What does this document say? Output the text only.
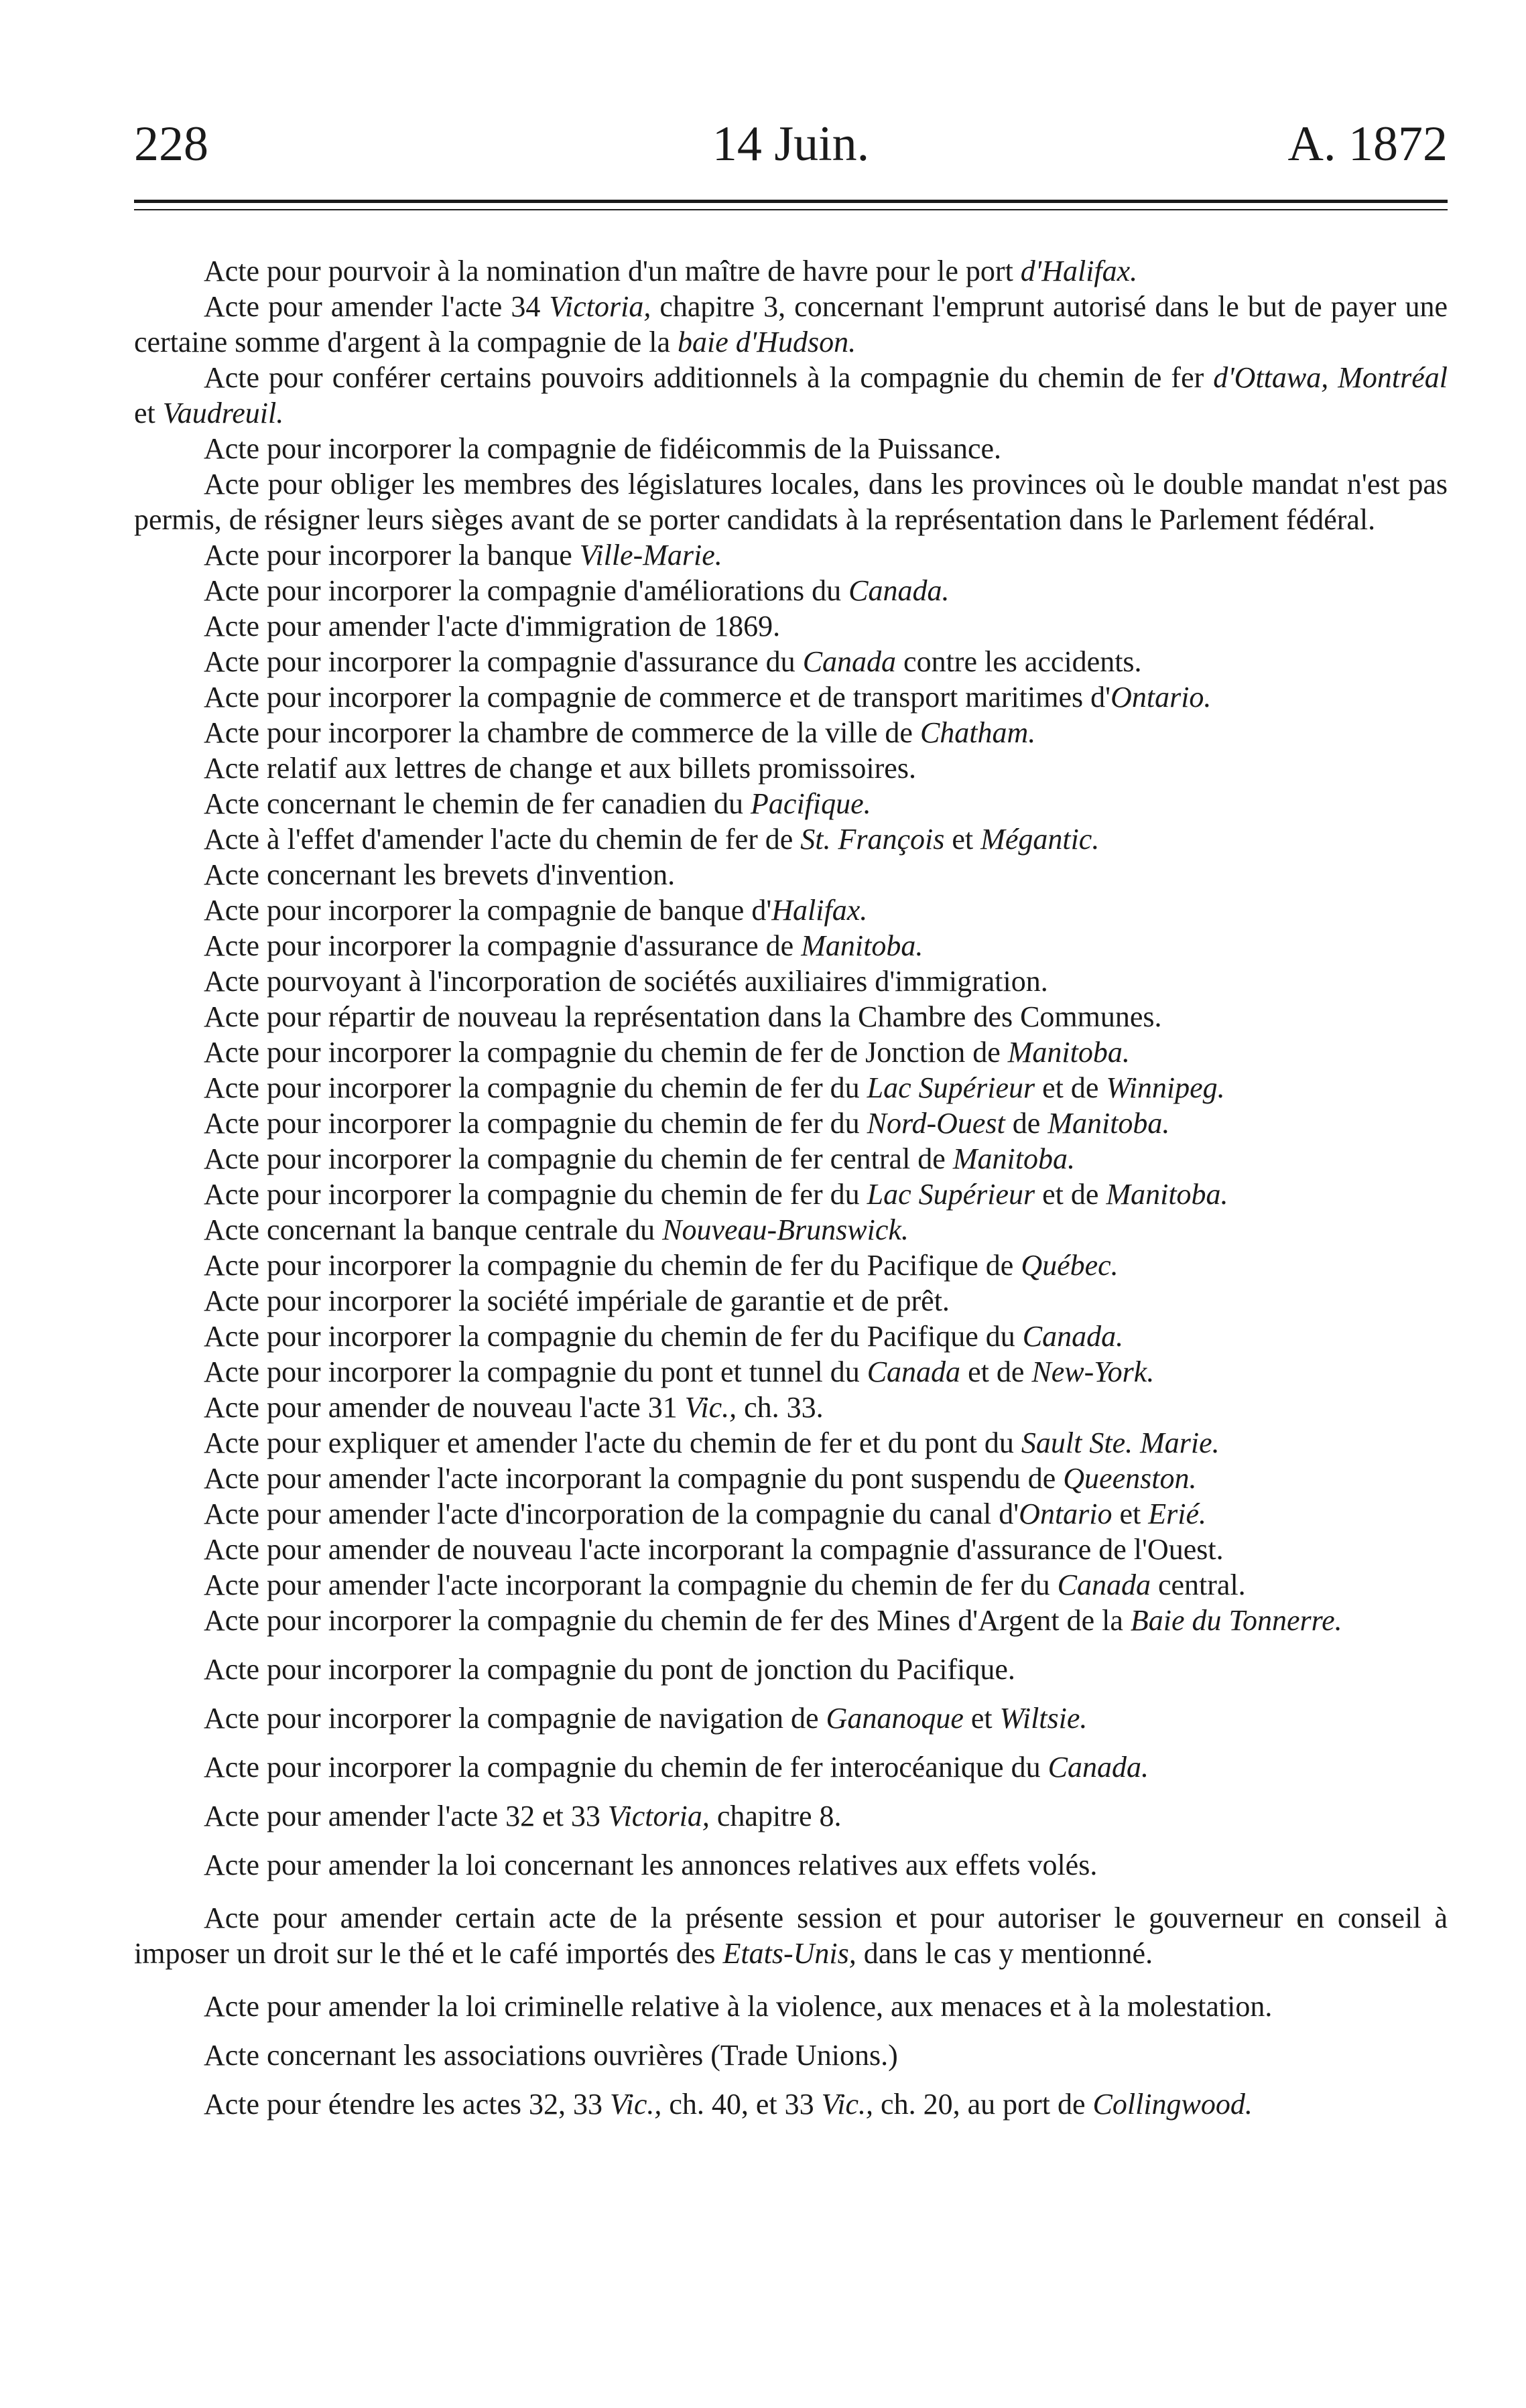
228	14 Juin.	A. 1872

Acte pour pourvoir à la nomination d'un maître de havre pour le port d'Halifax.

Acte pour amender l'acte 34 Victoria, chapitre 3, concernant l'emprunt autorisé dans le but de payer une certaine somme d'argent à la compagnie de la baie d'Hudson.

Acte pour conférer certains pouvoirs additionnels à la compagnie du chemin de fer d'Ottawa, Montréal et Vaudreuil.

Acte pour incorporer la compagnie de fidéicommis de la Puissance.

Acte pour obliger les membres des législatures locales, dans les provinces où le double mandat n'est pas permis, de résigner leurs sièges avant de se porter candidats à la représentation dans le Parlement fédéral.

Acte pour incorporer la banque Ville-Marie.

Acte pour incorporer la compagnie d'améliorations du Canada.

Acte pour amender l'acte d'immigration de 1869.

Acte pour incorporer la compagnie d'assurance du Canada contre les accidents.

Acte pour incorporer la compagnie de commerce et de transport maritimes d'Ontario.

Acte pour incorporer la chambre de commerce de la ville de Chatham.

Acte relatif aux lettres de change et aux billets promissoires.

Acte concernant le chemin de fer canadien du Pacifique.

Acte à l'effet d'amender l'acte du chemin de fer de St. François et Mégantic.

Acte concernant les brevets d'invention.

Acte pour incorporer la compagnie de banque d'Halifax.

Acte pour incorporer la compagnie d'assurance de Manitoba.

Acte pourvoyant à l'incorporation de sociétés auxiliaires d'immigration.

Acte pour répartir de nouveau la représentation dans la Chambre des Communes.

Acte pour incorporer la compagnie du chemin de fer de Jonction de Manitoba.

Acte pour incorporer la compagnie du chemin de fer du Lac Supérieur et de Winnipeg.

Acte pour incorporer la compagnie du chemin de fer du Nord-Ouest de Manitoba.

Acte pour incorporer la compagnie du chemin de fer central de Manitoba.

Acte pour incorporer la compagnie du chemin de fer du Lac Supérieur et de Manitoba.

Acte concernant la banque centrale du Nouveau-Brunswick.

Acte pour incorporer la compagnie du chemin de fer du Pacifique de Québec.

Acte pour incorporer la société impériale de garantie et de prêt.

Acte pour incorporer la compagnie du chemin de fer du Pacifique du Canada.

Acte pour incorporer la compagnie du pont et tunnel du Canada et de New-York.

Acte pour amender de nouveau l'acte 31 Vic., ch. 33.

Acte pour expliquer et amender l'acte du chemin de fer et du pont du Sault Ste. Marie.

Acte pour amender l'acte incorporant la compagnie du pont suspendu de Queenston.

Acte pour amender l'acte d'incorporation de la compagnie du canal d'Ontario et Erié.

Acte pour amender de nouveau l'acte incorporant la compagnie d'assurance de l'Ouest.

Acte pour amender l'acte incorporant la compagnie du chemin de fer du Canada central.

Acte pour incorporer la compagnie du chemin de fer des Mines d'Argent de la Baie du Tonnerre.

Acte pour incorporer la compagnie du pont de jonction du Pacifique.

Acte pour incorporer la compagnie de navigation de Gananoque et Wiltsie.

Acte pour incorporer la compagnie du chemin de fer interocéanique du Canada.

Acte pour amender l'acte 32 et 33 Victoria, chapitre 8.

Acte pour amender la loi concernant les annonces relatives aux effets volés.

Acte pour amender certain acte de la présente session et pour autoriser le gouverneur en conseil à imposer un droit sur le thé et le café importés des Etats-Unis, dans le cas y mentionné.

Acte pour amender la loi criminelle relative à la violence, aux menaces et à la molestation.

Acte concernant les associations ouvrières (Trade Unions.)

Acte pour étendre les actes 32, 33 Vic., ch. 40, et 33 Vic., ch. 20, au port de Collingwood.
